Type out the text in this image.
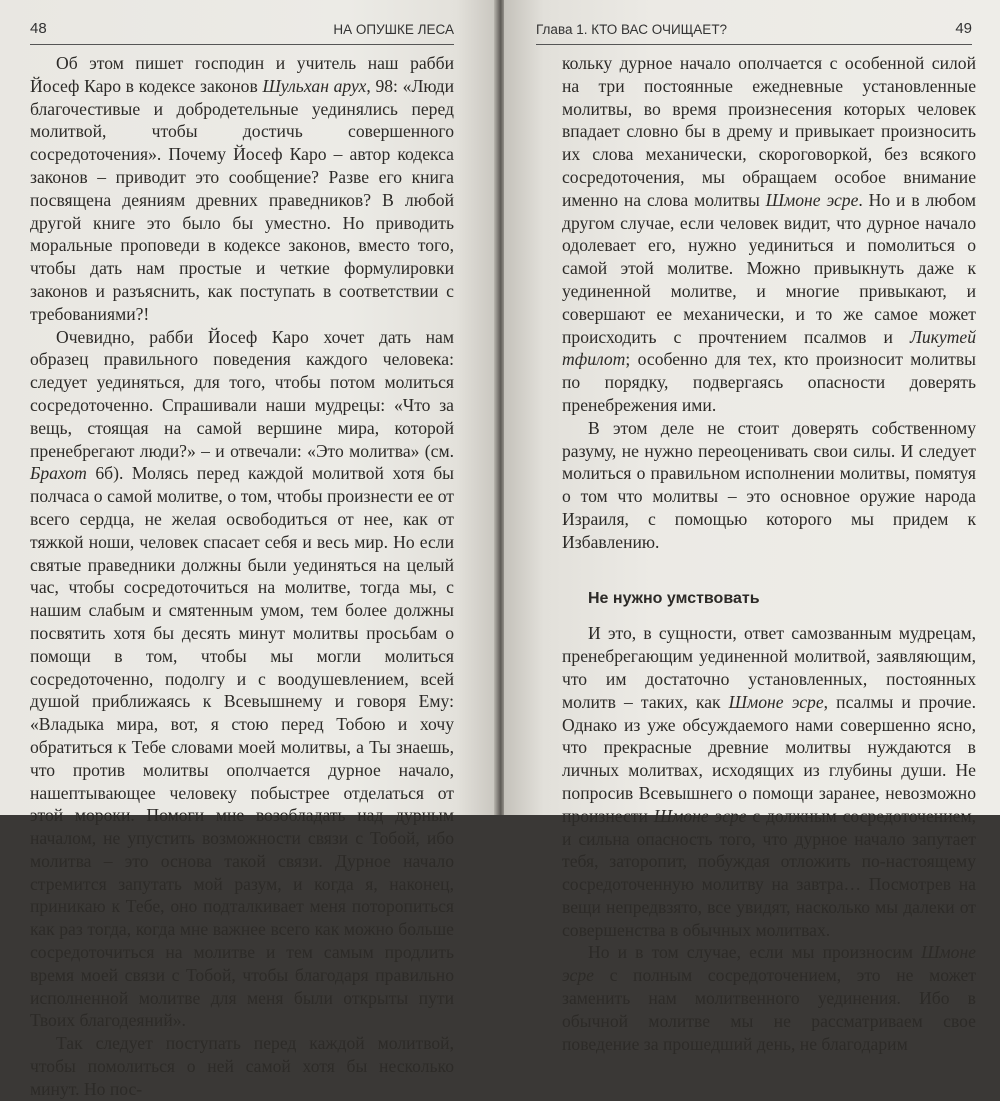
48	НА ОПУШКЕ ЛЕСА

Об этом пишет господин и учитель наш рабби Йосеф Каро в кодексе законов Шульхан арух, 98: «Люди благочестивые и добродетельные уединялись перед молитвой, чтобы достичь совершенного сосредоточения». Почему Йосеф Каро – автор кодекса законов – приводит это сообщение? Разве его книга посвящена деяниям древних праведников? В любой другой книге это было бы уместно. Но приводить моральные проповеди в кодексе законов, вместо того, чтобы дать нам простые и четкие формулировки законов и разъяснить, как поступать в соответствии с требованиями?!

Очевидно, рабби Йосеф Каро хочет дать нам образец правильного поведения каждого человека: следует уединяться, для того, чтобы потом молиться сосредоточенно. Спрашивали наши мудрецы: «Что за вещь, стоящая на самой вершине мира, которой пренебрегают люди?» – и отвечали: «Это молитва» (см. Брахот 6б). Молясь перед каждой молитвой хотя бы полчаса о самой молитве, о том, чтобы произнести ее от всего сердца, не желая освободиться от нее, как от тяжкой ноши, человек спасает себя и весь мир. Но если святые праведники должны были уединяться на целый час, чтобы сосредоточиться на молитве, тогда мы, с нашим слабым и смятенным умом, тем более должны посвятить хотя бы десять минут молитвы просьбам о помощи в том, чтобы мы могли молиться сосредоточенно, подолгу и с воодушевлением, всей душой приближаясь к Всевышнему и говоря Ему: «Владыка мира, вот, я стою перед Тобою и хочу обратиться к Тебе словами моей молитвы, а Ты знаешь, что против молитвы ополчается дурное начало, нашептывающее человеку побыстрее отделаться от этой мороки. Помоги мне возобладать над дурным началом, не упустить возможности связи с Тобой, ибо молитва – это основа такой связи. Дурное начало стремится запутать мой разум, и когда я, наконец, приникаю к Тебе, оно подталкивает меня поторопиться как раз тогда, когда мне важнее всего как можно больше сосредоточиться на молитве и тем самым продлить время моей связи с Тобой, чтобы благодаря правильно исполненной молитве для меня были открыты пути Твоих благодеяний».

Так следует поступать перед каждой молитвой, чтобы помолиться о ней самой хотя бы несколько минут. Но пос-

Глава 1. КТО ВАС ОЧИЩАЕТ?	49

кольку дурное начало ополчается с особенной силой на три постоянные ежедневные установленные молитвы, во время произнесения которых человек впадает словно бы в дрему и привыкает произносить их слова механически, скороговоркой, без всякого сосредоточения, мы обращаем особое внимание именно на слова молитвы Шмоне эсре. Но и в любом другом случае, если человек видит, что дурное начало одолевает его, нужно уединиться и помолиться о самой этой молитве. Можно привыкнуть даже к уединенной молитве, и многие привыкают, и совершают ее механически, и то же самое может происходить с прочтением псалмов и Ликутей тфилот; особенно для тех, кто произносит молитвы по порядку, подвергаясь опасности доверять пренебрежения ими.

В этом деле не стоит доверять собственному разуму, не нужно переоценивать свои силы. И следует молиться о правильном исполнении молитвы, помятуя о том что молитвы – это основное оружие народа Израиля, с помощью которого мы придем к Избавлению.

Не нужно умствовать

И это, в сущности, ответ самозванным мудрецам, пренебрегающим уединенной молитвой, заявляющим, что им достаточно установленных, постоянных молитв – таких, как Шмоне эсре, псалмы и прочие. Однако из уже обсуждаемого нами совершенно ясно, что прекрасные древние молитвы нуждаются в личных молитвах, исходящих из глубины души. Не попросив Всевышнего о помощи заранее, невозможно произнести Шмоне эсре с должным сосредоточением, и сильна опасность того, что дурное начало запутает тебя, заторопит, побуждая отложить по-настоящему сосредоточенную молитву на завтра… Посмотрев на вещи непредвзято, все увидят, насколько мы далеки от совершенства в обычных молитвах.

Но и в том случае, если мы произносим Шмоне эсре с полным сосредоточением, это не может заменить нам молитвенного уединения. Ибо в обычной молитве мы не рассматриваем свое поведение за прошедший день, не благодарим
